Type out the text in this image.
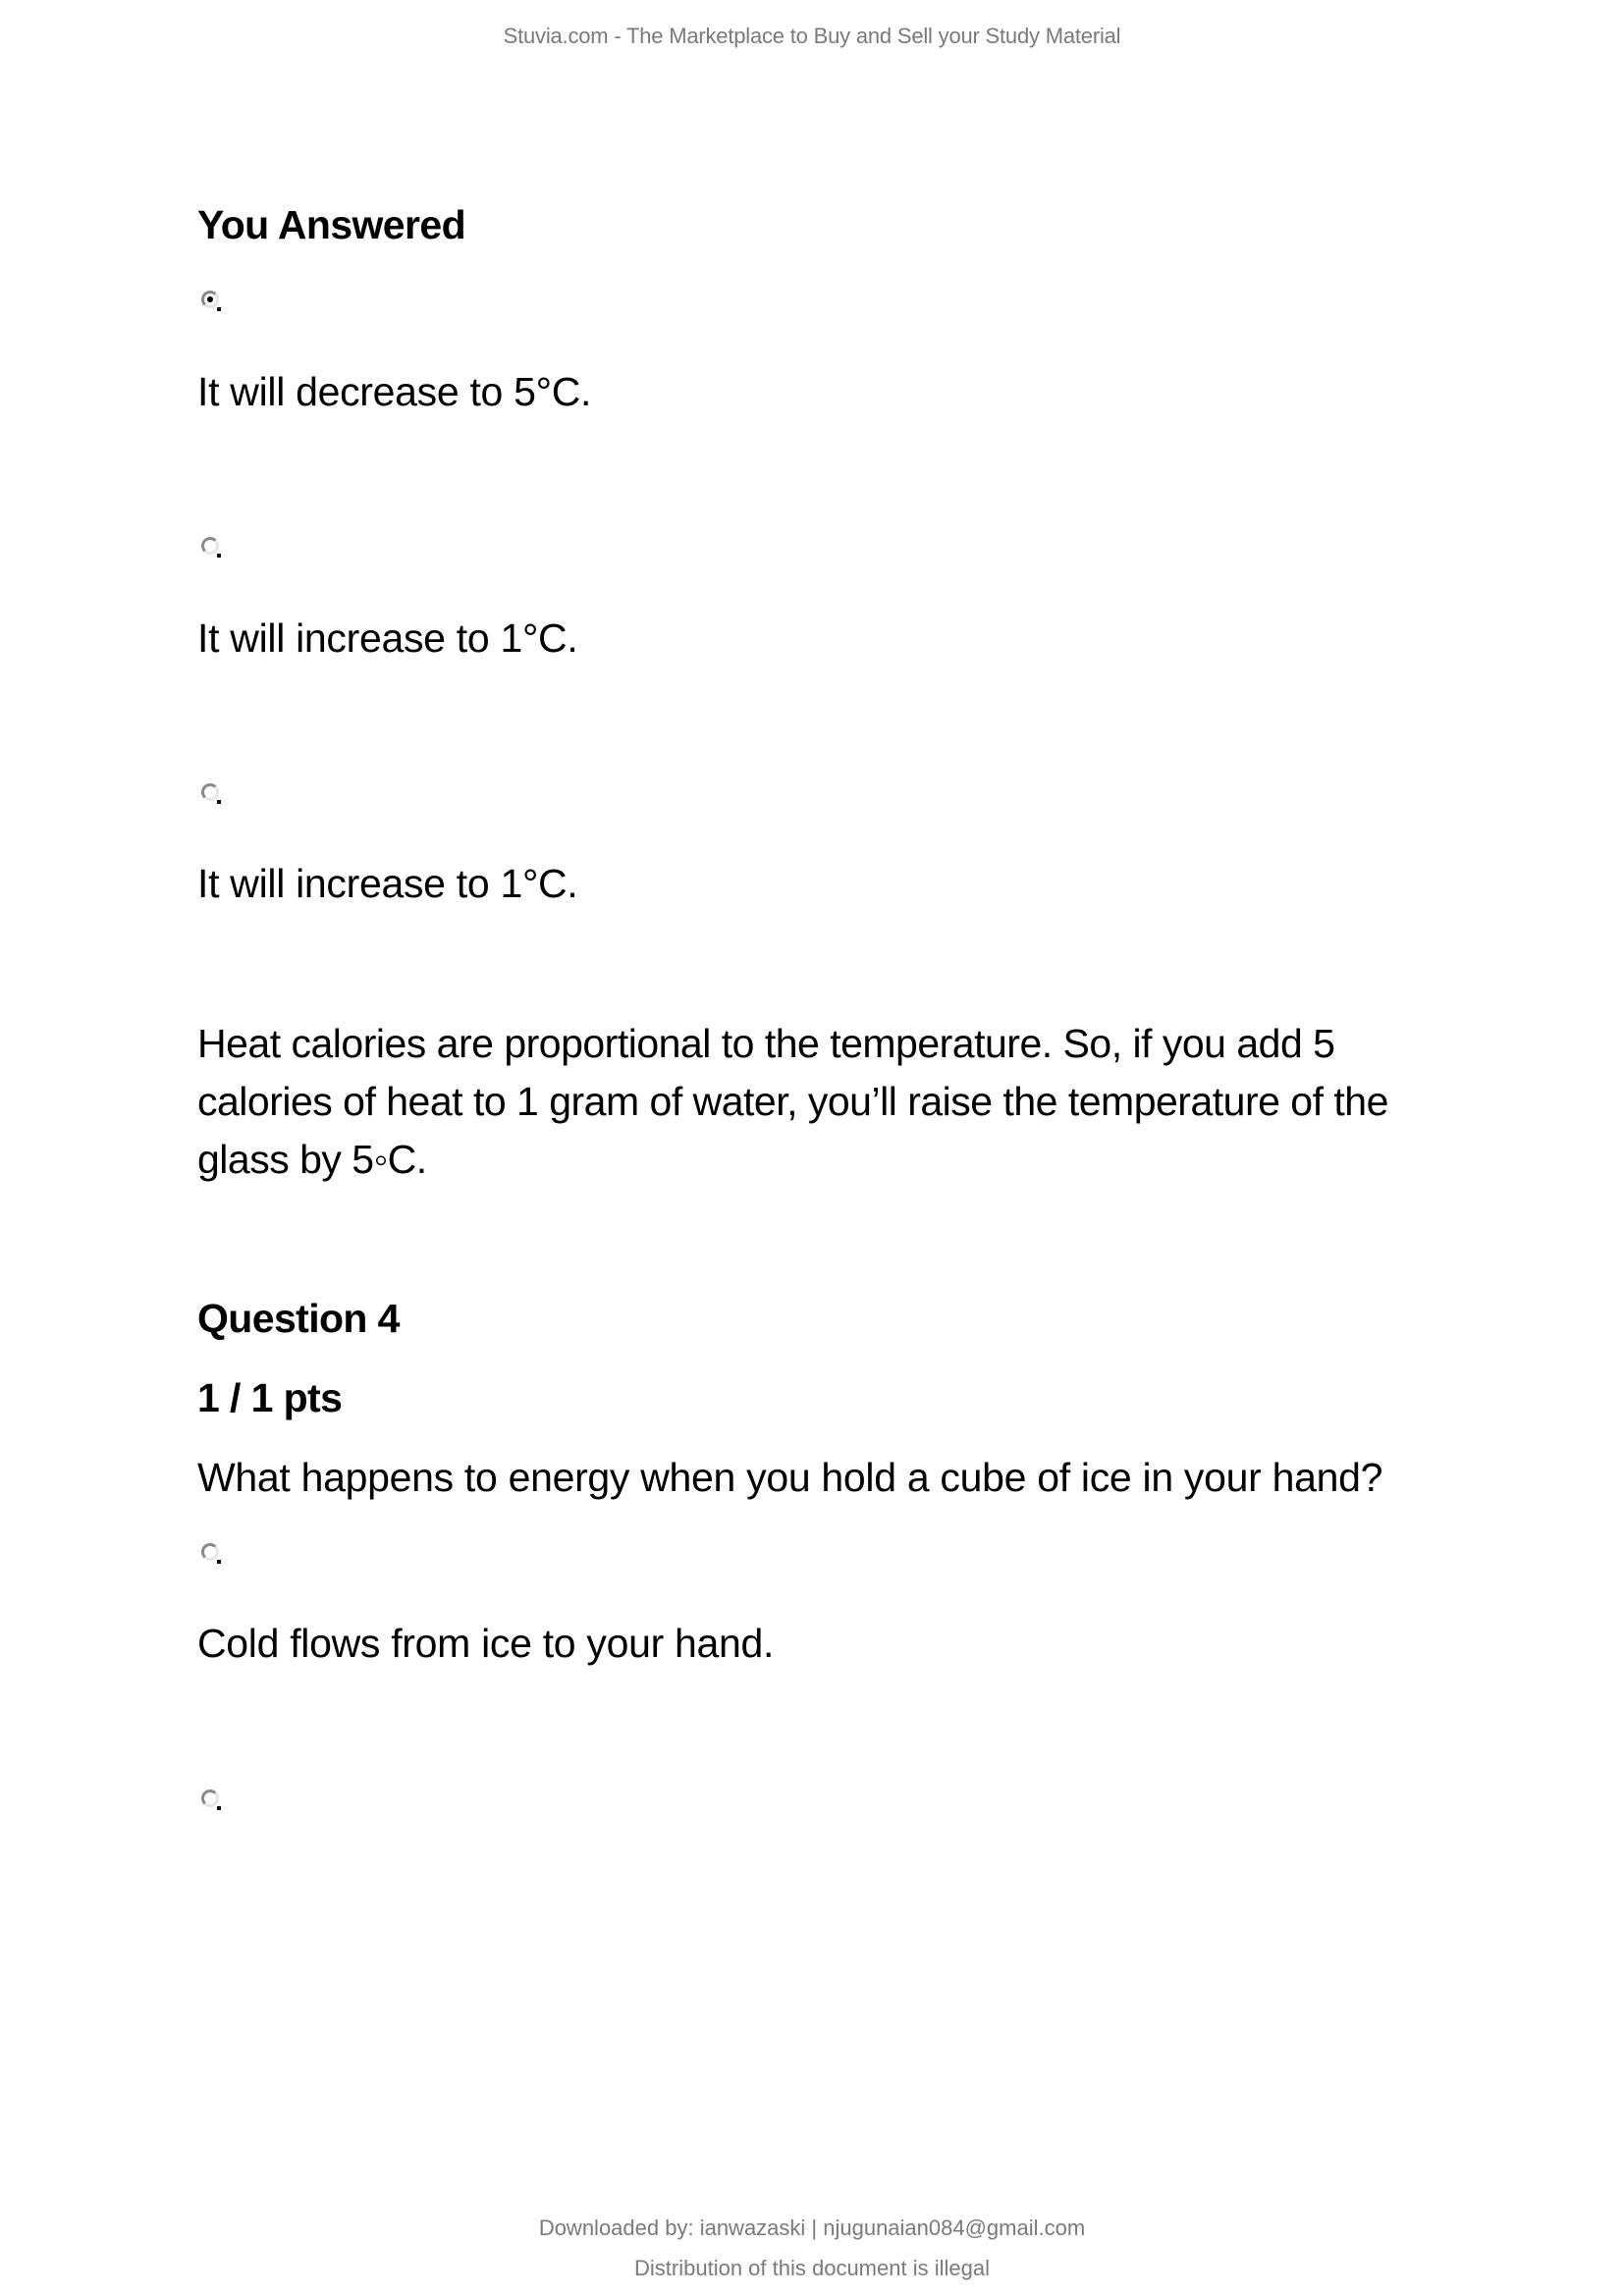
Stuvia.com - The Marketplace to Buy and Sell your Study Material
You Answered
It will decrease to 5°C.
It will increase to 1°C.
It will increase to 1°C.
Heat calories are proportional to the temperature. So, if you add 5 calories of heat to 1 gram of water, you’ll raise the temperature of the glass by 5◦C.
Question 4
1 / 1 pts
What happens to energy when you hold a cube of ice in your hand?
Cold flows from ice to your hand.
Downloaded by: ianwazaski | njugunaian084@gmail.com
Distribution of this document is illegal
